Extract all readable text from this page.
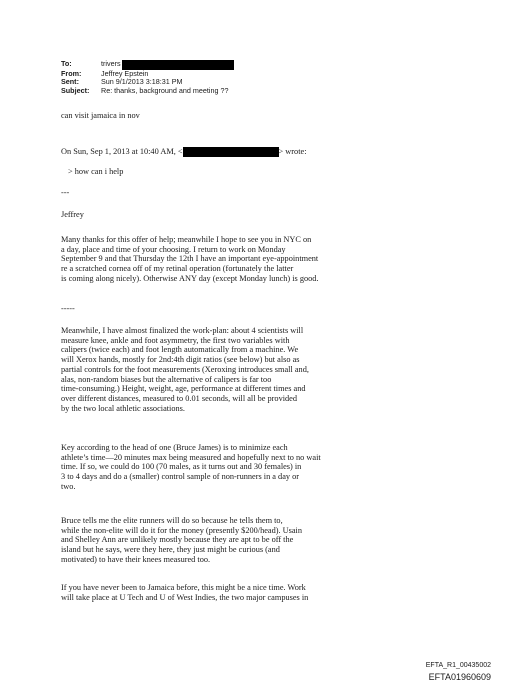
To:	trivers
From:	Jeffrey Epstein
Sent:	Sun 9/1/2013 3:18:31 PM
Subject:	Re: thanks, background and meeting ??
can visit jamaica in nov
On Sun, Sep 1, 2013 at 10:40 AM, <	> wrote:
> how can i help
---
Jeffrey
Many thanks for this offer of help; meanwhile I hope to see you in NYC on
a day, place and time of your choosing. I return to work on Monday
September 9 and that Thursday the 12th I have an important eye-appointment
re a scratched cornea off of my retinal operation (fortunately the latter
is coming along nicely). Otherwise ANY day (except Monday lunch) is good.
-----
Meanwhile, I have almost finalized the work-plan: about 4 scientists will
measure knee, ankle and foot asymmetry, the first two variables with
calipers (twice each) and foot length automatically from a machine. We
will Xerox hands, mostly for 2nd:4th digit ratios (see below) but also as
partial controls for the foot measurements (Xeroxing introduces small and,
alas, non-random biases but the alternative of calipers is far too
time-consuming.) Height, weight, age, performance at different times and
over different distances, measured to 0.01 seconds, will all be provided
by the two local athletic associations.
Key according to the head of one (Bruce James) is to minimize each
athlete’s time—20 minutes max being measured and hopefully next to no wait
time. If so, we could do 100 (70 males, as it turns out and 30 females) in
3 to 4 days and do a (smaller) control sample of non-runners in a day or
two.
Bruce tells me the elite runners will do so because he tells them to,
while the non-elite will do it for the money (presently $200/head). Usain
and Shelley Ann are unlikely mostly because they are apt to be off the
island but he says, were they here, they just might be curious (and
motivated) to have their knees measured too.
If you have never been to Jamaica before, this might be a nice time. Work
will take place at U Tech and U of West Indies, the two major campuses in
EFTA_R1_00435002
EFTA01960609
